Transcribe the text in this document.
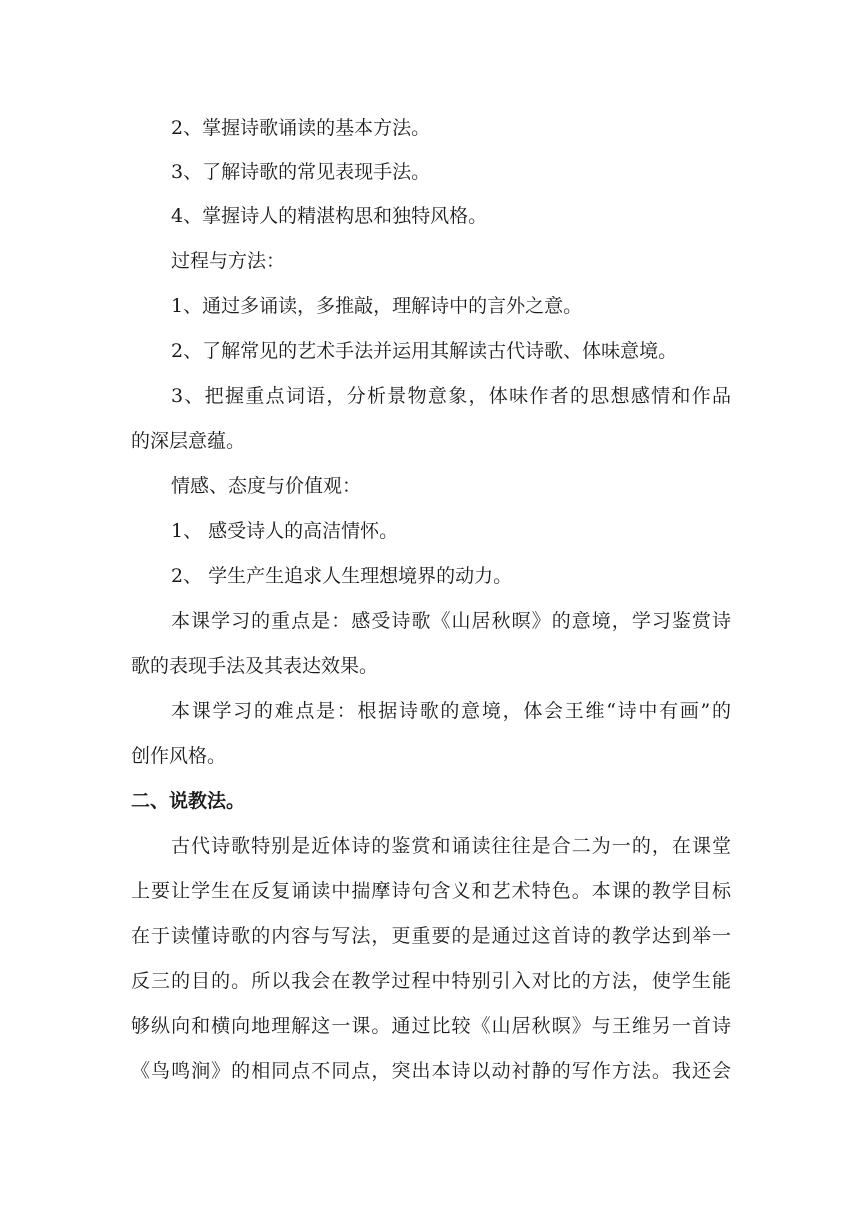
2、掌握诗歌诵读的基本方法。

3、了解诗歌的常见表现手法。

4、掌握诗人的精湛构思和独特风格。

过程与方法：

1、通过多诵读，多推敲，理解诗中的言外之意。

2、了解常见的艺术手法并运用其解读古代诗歌、体味意境。

3、把握重点词语，分析景物意象，体味作者的思想感情和作品

的深层意蕴。

情感、态度与价值观：

1、 感受诗人的高洁情怀。

2、 学生产生追求人生理想境界的动力。

本课学习的重点是：感受诗歌《山居秋暝》的意境，学习鉴赏诗

歌的表现手法及其表达效果。

本课学习的难点是：根据诗歌的意境，体会王维“诗中有画”的

创作风格。

二、说教法。

古代诗歌特别是近体诗的鉴赏和诵读往往是合二为一的，在课堂

上要让学生在反复诵读中揣摩诗句含义和艺术特色。本课的教学目标

在于读懂诗歌的内容与写法，更重要的是通过这首诗的教学达到举一

反三的目的。所以我会在教学过程中特别引入对比的方法，使学生能

够纵向和横向地理解这一课。通过比较《山居秋暝》与王维另一首诗

《鸟鸣涧》的相同点不同点，突出本诗以动衬静的写作方法。我还会
